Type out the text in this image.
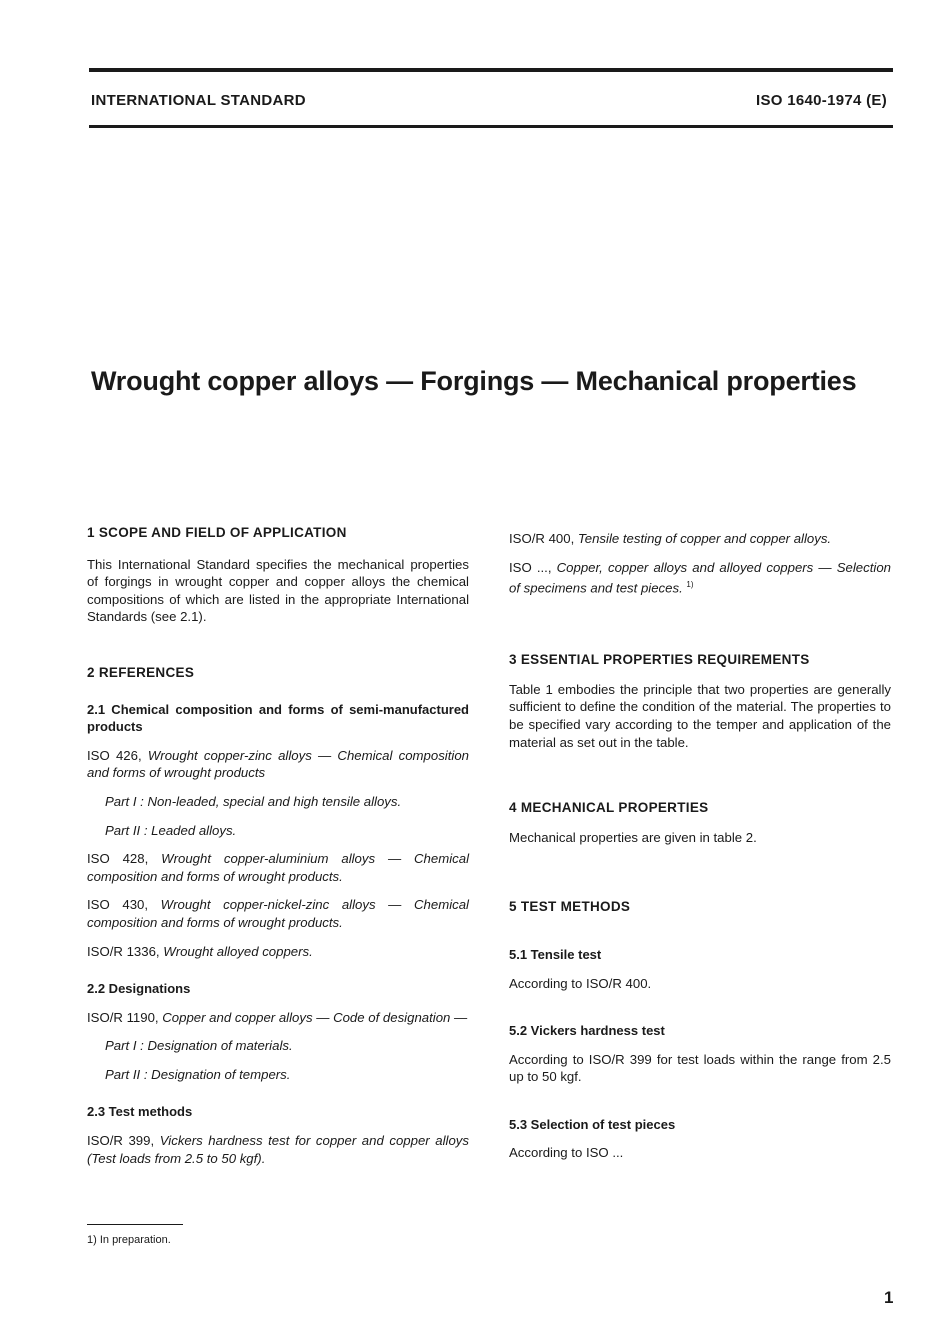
INTERNATIONAL STANDARD	ISO 1640-1974 (E)
Wrought copper alloys — Forgings — Mechanical properties
1 SCOPE AND FIELD OF APPLICATION

This International Standard specifies the mechanical properties of forgings in wrought copper and copper alloys the chemical compositions of which are listed in the appropriate International Standards (see 2.1).

2 REFERENCES
2.1 Chemical composition and forms of semi-manufactured products

ISO 426, Wrought copper-zinc alloys — Chemical composition and forms of wrought products

Part I : Non-leaded, special and high tensile alloys.

Part II : Leaded alloys.

ISO 428, Wrought copper-aluminium alloys — Chemical composition and forms of wrought products.

ISO 430, Wrought copper-nickel-zinc alloys — Chemical composition and forms of wrought products.

ISO/R 1336, Wrought alloyed coppers.

2.2 Designations

ISO/R 1190, Copper and copper alloys — Code of designation —

Part I : Designation of materials.

Part II : Designation of tempers.

2.3 Test methods

ISO/R 399, Vickers hardness test for copper and copper alloys (Test loads from 2.5 to 50 kgf).

ISO/R 400, Tensile testing of copper and copper alloys.

ISO ..., Copper, copper alloys and alloyed coppers — Selection of specimens and test pieces. $^{1)}$

3 ESSENTIAL PROPERTIES REQUIREMENTS

Table 1 embodies the principle that two properties are generally sufficient to define the condition of the material. The properties to be specified vary according to the temper and application of the material as set out in the table.

4 MECHANICAL PROPERTIES

Mechanical properties are given in table 2.

5 TEST METHODS
5.1 Tensile test

According to ISO/R 400.

5.2 Vickers hardness test

According to ISO/R 399 for test loads within the range from 2.5 up to 50 kgf.

5.3 Selection of test pieces

According to ISO ...

1) In preparation.
1
